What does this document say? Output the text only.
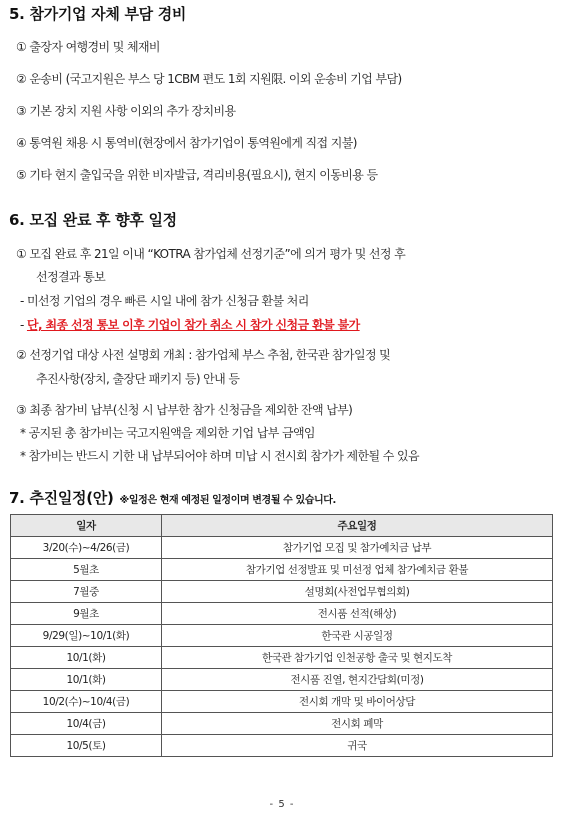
5. 참가기업 자체 부담 경비
① 출장자 여행경비 및 체재비
② 운송비 (국고지원은 부스 당 1CBM 편도 1회 지원限. 이외 운송비 기업 부담)
③ 기본 장치 지원 사항 이외의 추가 장치비용
④ 통역원 채용 시 통역비(현장에서 참가기업이 통역원에게 직접 지불)
⑤ 기타 현지 출입국을 위한 비자발급, 격리비용(필요시), 현지 이동비용 등
6. 모집 완료 후 향후 일정
① 모집 완료 후 21일 이내 “KOTRA 참가업체 선정기준”에 의거 평가 및 선정 후
선정결과 통보
- 미선정 기업의 경우 빠른 시일 내에 참가 신청금 환불 처리
- 단, 최종 선정 통보 이후 기업이 참가 취소 시 참가 신청금 환불 불가
② 선정기업 대상 사전 설명회 개최 : 참가업체 부스 추첨, 한국관 참가일정 및
추진사항(장치, 출장단 패키지 등) 안내 등
③ 최종 참가비 납부(신청 시 납부한 참가 신청금을 제외한 잔액 납부)
* 공지된 총 참가비는 국고지원액을 제외한 기업 납부 금액임
* 참가비는 반드시 기한 내 납부되어야 하며 미납 시 전시회 참가가 제한될 수 있음
7. 추진일정(안) ※일정은 현재 예정된 일정이며 변경될 수 있습니다.
일자	주요일정
3/20(수)~4/26(금)	참가기업 모집 및 참가예치금 납부
5월초	참가기업 선정발표 및 미선정 업체 참가예치금 환불
7월중	설명회(사전업무협의회)
9월초	전시품 선적(해상)
9/29(일)~10/1(화)	한국관 시공일정
10/1(화)	한국관 참가기업 인천공항 출국 및 현지도착
10/1(화)	전시품 진열, 현지간담회(미정)
10/2(수)~10/4(금)	전시회 개막 및 바이어상담
10/4(금)	전시회 폐막
10/5(토)	귀국
- 5 -
